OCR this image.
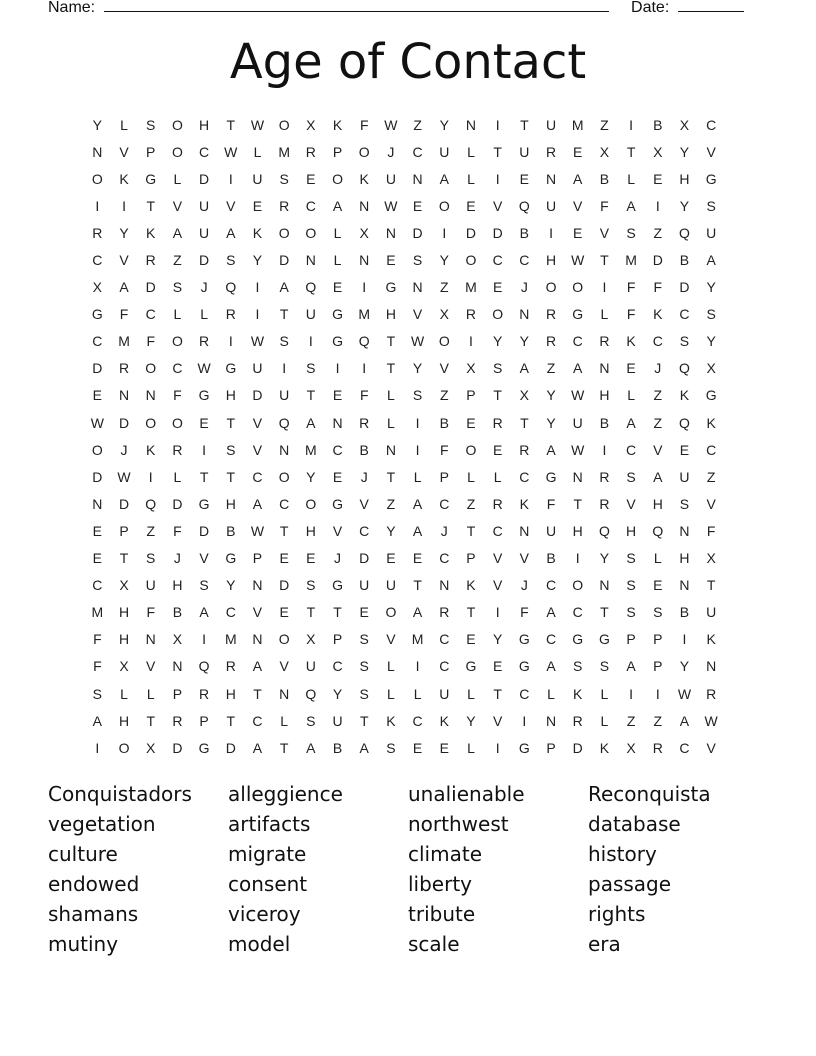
Name:	Date:
Age of Contact
Y	L	S	O	H	T	W	O	X	K	F	W	Z	Y	N	I	T	U	M	Z	I	B	X	C
N	V	P	O	C	W	L	M	R	P	O	J	C	U	L	T	U	R	E	X	T	X	Y	V
O	K	G	L	D	I	U	S	E	O	K	U	N	A	L	I	E	N	A	B	L	E	H	G
I	I	T	V	U	V	E	R	C	A	N	W	E	O	E	V	Q	U	V	F	A	I	Y	S
R	Y	K	A	U	A	K	O	O	L	X	N	D	I	D	D	B	I	E	V	S	Z	Q	U
C	V	R	Z	D	S	Y	D	N	L	N	E	S	Y	O	C	C	H	W	T	M	D	B	A
X	A	D	S	J	Q	I	A	Q	E	I	G	N	Z	M	E	J	O	O	I	F	F	D	Y
G	F	C	L	L	R	I	T	U	G	M	H	V	X	R	O	N	R	G	L	F	K	C	S
C	M	F	O	R	I	W	S	I	G	Q	T	W	O	I	Y	Y	R	C	R	K	C	S	Y
D	R	O	C	W	G	U	I	S	I	I	T	Y	V	X	S	A	Z	A	N	E	J	Q	X
E	N	N	F	G	H	D	U	T	E	F	L	S	Z	P	T	X	Y	W	H	L	Z	K	G
W	D	O	O	E	T	V	Q	A	N	R	L	I	B	E	R	T	Y	U	B	A	Z	Q	K
O	J	K	R	I	S	V	N	M	C	B	N	I	F	O	E	R	A	W	I	C	V	E	C
D	W	I	L	T	T	C	O	Y	E	J	T	L	P	L	L	C	G	N	R	S	A	U	Z
N	D	Q	D	G	H	A	C	O	G	V	Z	A	C	Z	R	K	F	T	R	V	H	S	V
E	P	Z	F	D	B	W	T	H	V	C	Y	A	J	T	C	N	U	H	Q	H	Q	N	F
E	T	S	J	V	G	P	E	E	J	D	E	E	C	P	V	V	B	I	Y	S	L	H	X
C	X	U	H	S	Y	N	D	S	G	U	U	T	N	K	V	J	C	O	N	S	E	N	T
M	H	F	B	A	C	V	E	T	T	E	O	A	R	T	I	F	A	C	T	S	S	B	U
F	H	N	X	I	M	N	O	X	P	S	V	M	C	E	Y	G	C	G	G	P	P	I	K
F	X	V	N	Q	R	A	V	U	C	S	L	I	C	G	E	G	A	S	S	A	P	Y	N
S	L	L	P	R	H	T	N	Q	Y	S	L	L	U	L	T	C	L	K	L	I	I	W	R
A	H	T	R	P	T	C	L	S	U	T	K	C	K	Y	V	I	N	R	L	Z	Z	A	W
I	O	X	D	G	D	A	T	A	B	A	S	E	E	L	I	G	P	D	K	X	R	C	V
Conquistadors	alleggience	unalienable	Reconquista
vegetation	artifacts	northwest	database
culture	migrate	climate	history
endowed	consent	liberty	passage
shamans	viceroy	tribute	rights
mutiny	model	scale	era
